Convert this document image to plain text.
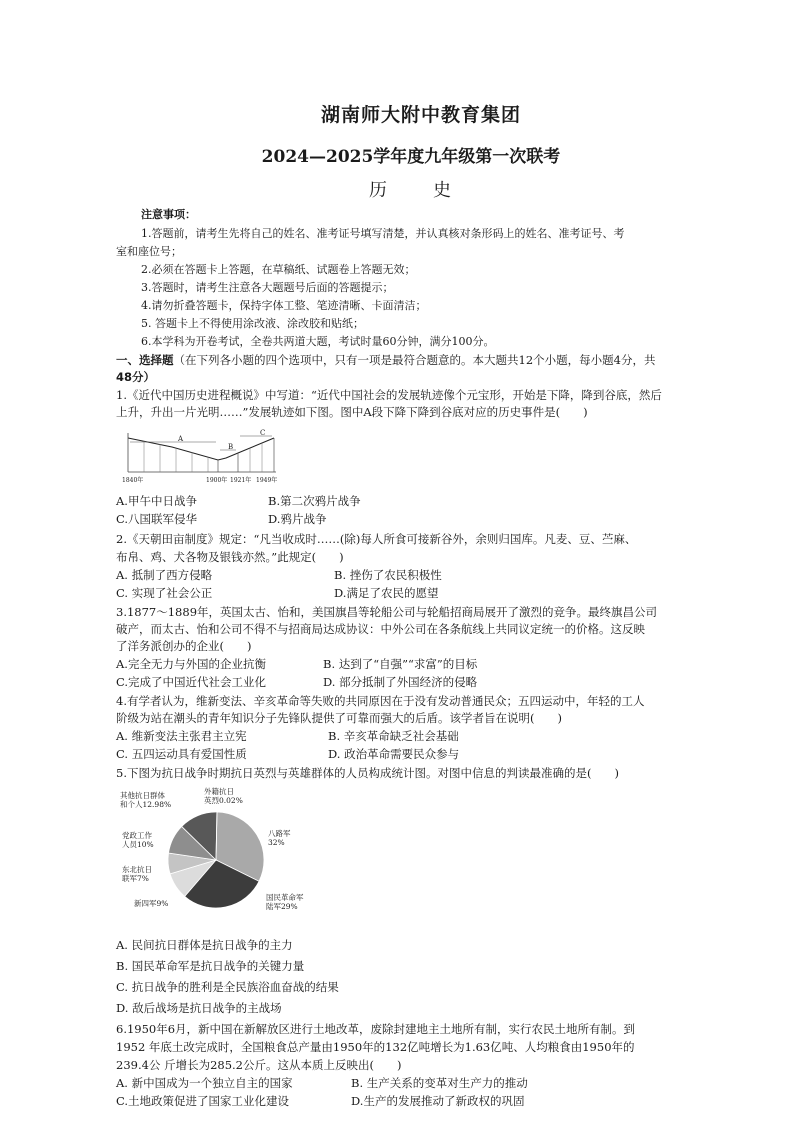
湖南师大附中教育集团
2024—2025学年度九年级第一次联考
历　史
注意事项：
1.答题前，请考生先将自己的姓名、准考证号填写清楚，并认真核对条形码上的姓名、准考证号、考
室和座位号；
2.必须在答题卡上答题，在草稿纸、试题卷上答题无效；
3.答题时，请考生注意各大题题号后面的答题提示；
4.请勿折叠答题卡，保持字体工整、笔迹清晰、卡面清洁；
5. 答题卡上不得使用涂改液、涂改胶和贴纸；
6.本学科为开卷考试，全卷共两道大题，考试时量60分钟，满分100分。
一、选择题（在下列各小题的四个选项中，只有一项是最符合题意的。本大题共12个小题，每小题4分，共
48分）
1.《近代中国历史进程概说》中写道：“近代中国社会的发展轨迹像个元宝形，开始是下降，降到谷底，然后
上升，升出一片光明……”发展轨迹如下图。图中A段下降下降到谷底对应的历史事件是(　　)
A
B
C
1840年	1900年 1921年 1949年
A.甲午中日战争	B.第二次鸦片战争
C.八国联军侵华	D.鸦片战争
2.《天朝田亩制度》规定：“凡当收成时……(除)每人所食可接新谷外，余则归国库。凡麦、豆、苎麻、
布帛、鸡、犬各物及银钱亦然。”此规定(　　)
A. 抵制了西方侵略	B. 挫伤了农民积极性
C. 实现了社会公正	D.满足了农民的愿望
3.1877～1889年，英国太古、怡和，美国旗昌等轮船公司与轮船招商局展开了激烈的竞争。最终旗昌公司
破产，而太古、怡和公司不得不与招商局达成协议：中外公司在各条航线上共同议定统一的价格。这反映
了洋务派创办的企业(　　)
A.完全无力与外国的企业抗衡	B. 达到了“自强”“求富”的目标
C.完成了中国近代社会工业化	D. 部分抵制了外国经济的侵略
4.有学者认为，维新变法、辛亥革命等失败的共同原因在于没有发动普通民众；五四运动中，年轻的工人
阶级为站在潮头的青年知识分子先锋队提供了可靠而强大的后盾。该学者旨在说明(　　)
A. 维新变法主张君主立宪	B. 辛亥革命缺乏社会基础
C. 五四运动具有爱国性质	D. 政治革命需要民众参与
5.下图为抗日战争时期抗日英烈与英雄群体的人员构成统计图。对图中信息的判读最准确的是(　　)
八路军
32%
国民革命军
陆军29%
新四军9%
东北抗日
联军7%
党政工作
人员10%
其他抗日群体
和个人12.98%
外籍抗日
英烈0.02%
A. 民间抗日群体是抗日战争的主力
B. 国民革命军是抗日战争的关键力量
C. 抗日战争的胜利是全民族浴血奋战的结果
D. 敌后战场是抗日战争的主战场
6.1950年6月，新中国在新解放区进行土地改革，废除封建地主土地所有制，实行农民土地所有制。到
1952 年底土改完成时，全国粮食总产量由1950年的132亿吨增长为1.63亿吨、人均粮食由1950年的
239.4公 斤增长为285.2公斤。这从本质上反映出(　　)
A. 新中国成为一个独立自主的国家	B. 生产关系的变革对生产力的推动
C.土地政策促进了国家工业化建设	D.生产的发展推动了新政权的巩固
